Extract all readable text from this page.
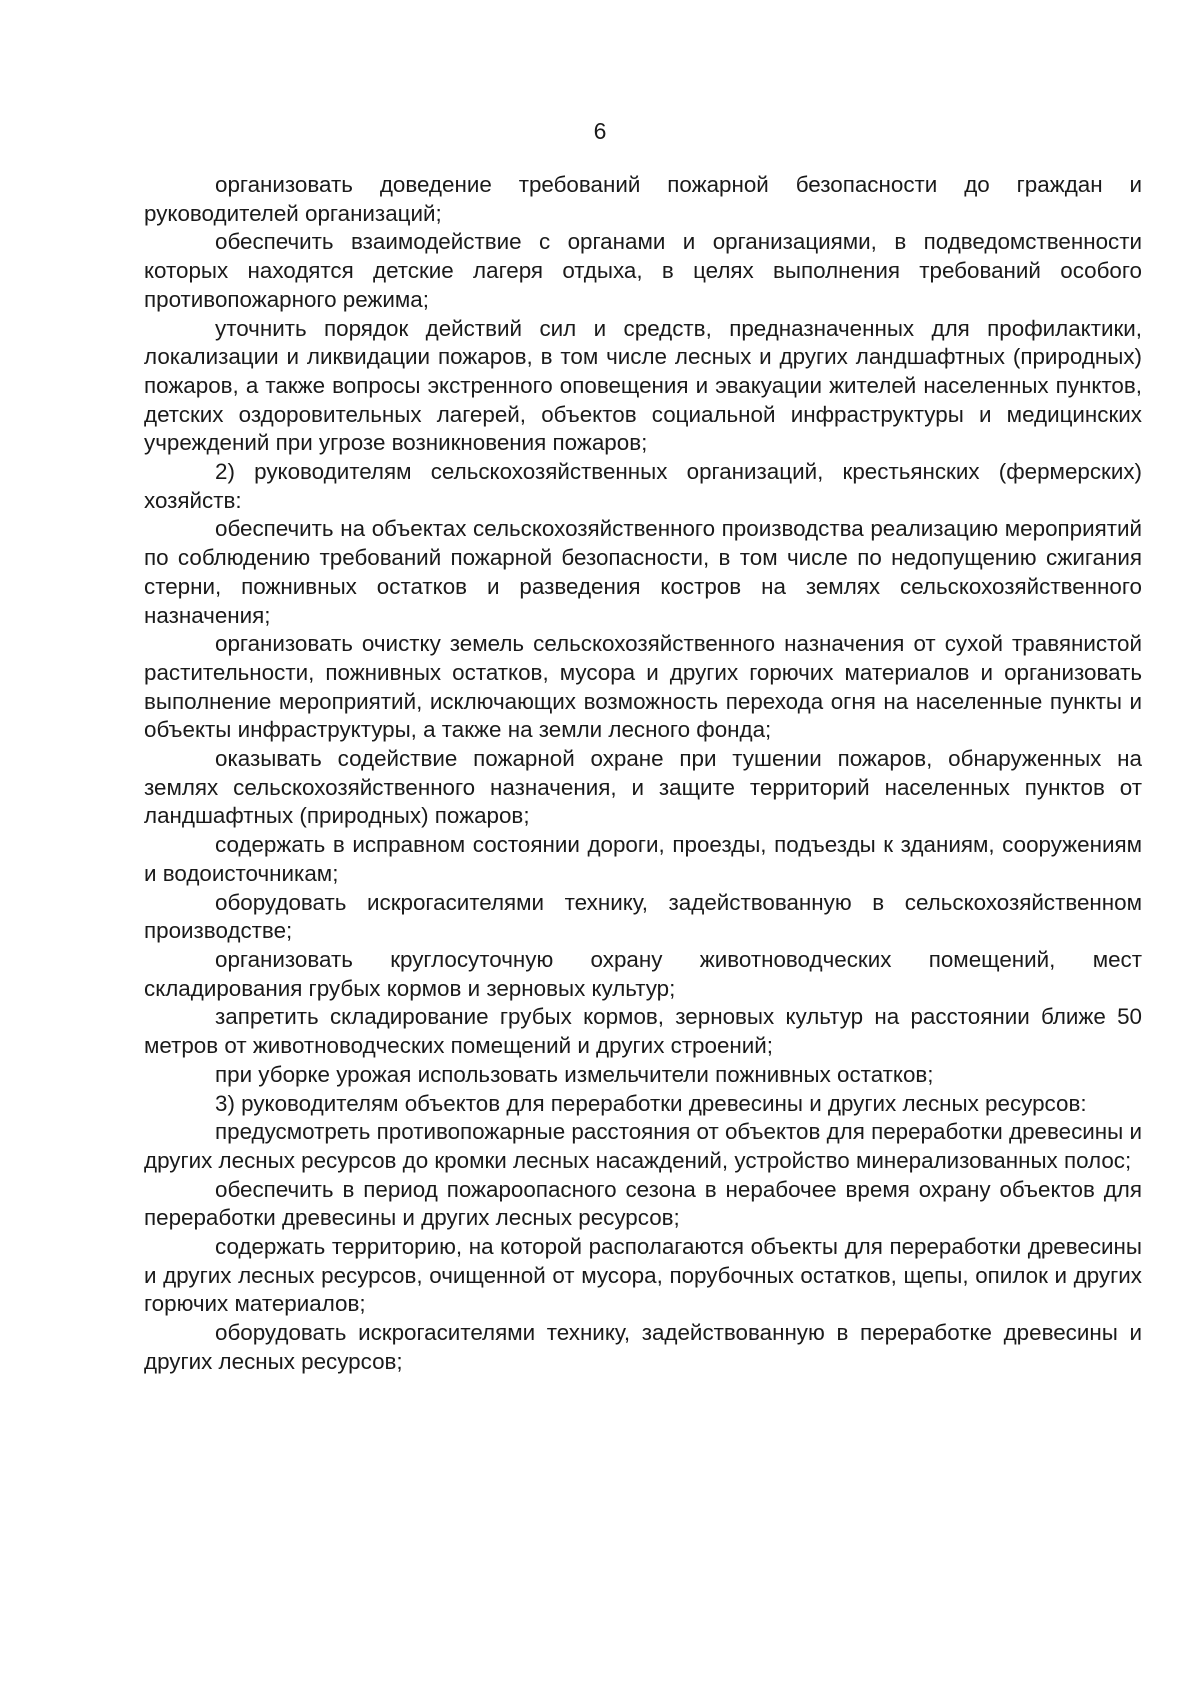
6

организовать доведение требований пожарной безопасности до граждан и руководителей организаций;

обеспечить взаимодействие с органами и организациями, в подведомственности которых находятся детские лагеря отдыха, в целях выполнения требований особого противопожарного режима;

уточнить порядок действий сил и средств, предназначенных для профилактики, локализации и ликвидации пожаров, в том числе лесных и других ландшафтных (природных) пожаров, а также вопросы экстренного оповещения и эвакуации жителей населенных пунктов, детских оздоровительных лагерей, объектов социальной инфраструктуры и медицинских учреждений при угрозе возникновения пожаров;

2) руководителям сельскохозяйственных организаций, крестьянских (фермерских) хозяйств:

обеспечить на объектах сельскохозяйственного производства реализацию мероприятий по соблюдению требований пожарной безопасности, в том числе по недопущению сжигания стерни, пожнивных остатков и разведения костров на землях сельскохозяйственного назначения;

организовать очистку земель сельскохозяйственного назначения от сухой травянистой растительности, пожнивных остатков, мусора и других горючих материалов и организовать выполнение мероприятий, исключающих возможность перехода огня на населенные пункты и объекты инфраструктуры, а также на земли лесного фонда;

оказывать содействие пожарной охране при тушении пожаров, обнаруженных на землях сельскохозяйственного назначения, и защите территорий населенных пунктов от ландшафтных (природных) пожаров;

содержать в исправном состоянии дороги, проезды, подъезды к зданиям, сооружениям и водоисточникам;

оборудовать искрогасителями технику, задействованную в сельскохозяйственном производстве;

организовать круглосуточную охрану животноводческих помещений, мест складирования грубых кормов и зерновых культур;

запретить складирование грубых кормов, зерновых культур на расстоянии ближе 50 метров от животноводческих помещений и других строений;

при уборке урожая использовать измельчители пожнивных остатков;

3) руководителям объектов для переработки древесины и других лесных ресурсов:

предусмотреть противопожарные расстояния от объектов для переработки древесины и других лесных ресурсов до кромки лесных насаждений, устройство минерализованных полос;

обеспечить в период пожароопасного сезона в нерабочее время охрану объектов для переработки древесины и других лесных ресурсов;

содержать территорию, на которой располагаются объекты для переработки древесины и других лесных ресурсов, очищенной от мусора, порубочных остатков, щепы, опилок и других горючих материалов;

оборудовать искрогасителями технику, задействованную в переработке древесины и других лесных ресурсов;
